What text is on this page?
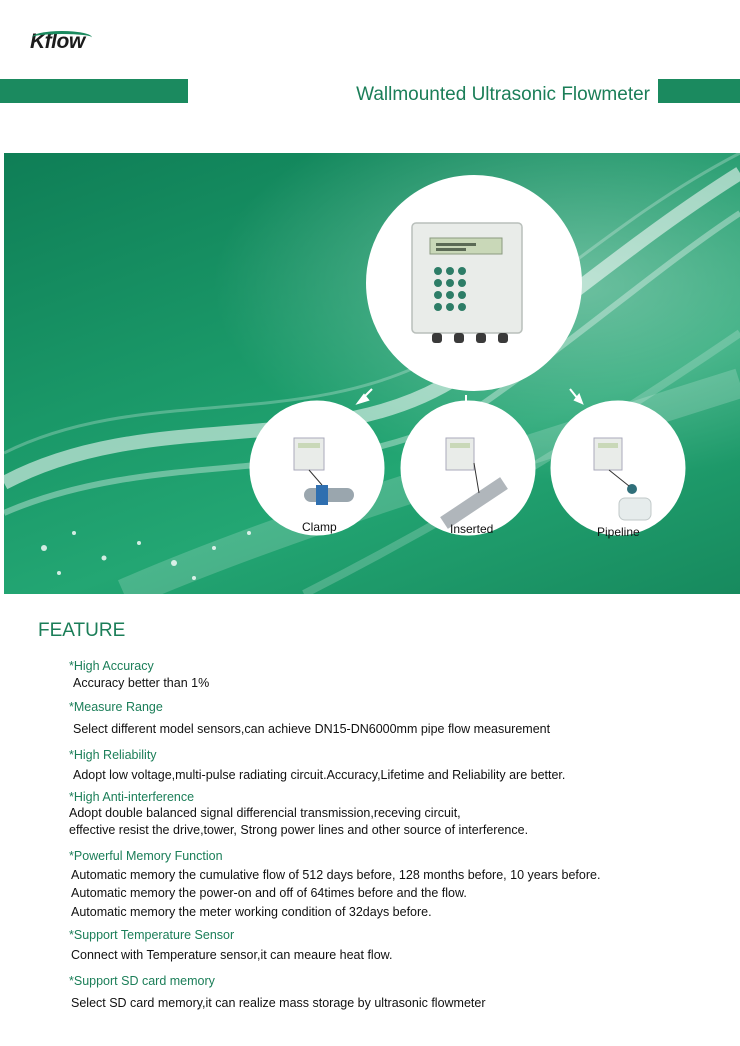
Kflow
Wallmounted Ultrasonic Flowmeter
Clamp	Inserted	Pipeline
FEATURE
*High Accuracy
Accuracy better than 1%
*Measure Range
Select different model sensors,can achieve DN15-DN6000mm pipe flow measurement
*High Reliability
Adopt low voltage,multi-pulse radiating circuit.Accuracy,Lifetime and Reliability are better.
*High Anti-interference
Adopt double balanced signal differencial transmission,receving circuit,
effective resist the drive,tower, Strong power lines and other source of interference.
*Powerful Memory Function
Automatic memory the cumulative flow of 512 days before, 128 months before, 10 years before.
Automatic memory the power-on and off of 64times before and the flow.
Automatic memory the meter working condition of 32days before.
*Support Temperature Sensor
Connect with Temperature sensor,it can meaure heat flow.
*Support SD card memory
Select SD card memory,it can realize mass storage by ultrasonic flowmeter
